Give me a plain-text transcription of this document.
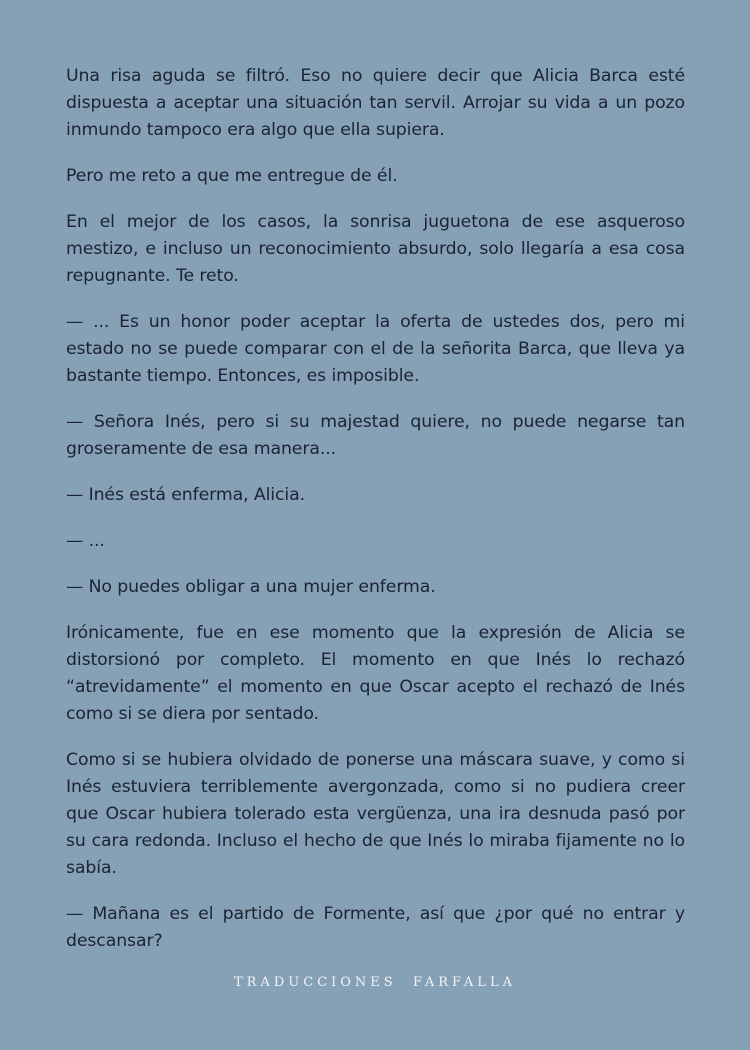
Una risa aguda se filtró. Eso no quiere decir que Alicia Barca esté dispuesta a aceptar una situación tan servil. Arrojar su vida a un pozo inmundo tampoco era algo que ella supiera.

Pero me reto a que me entregue de él.

En el mejor de los casos, la sonrisa juguetona de ese asqueroso mestizo, e incluso un reconocimiento absurdo, solo llegaría a esa cosa repugnante. Te reto.

— ... Es un honor poder aceptar la oferta de ustedes dos, pero mi estado no se puede comparar con el de la señorita Barca, que lleva ya bastante tiempo. Entonces, es imposible.

— Señora Inés, pero si su majestad quiere, no puede negarse tan groseramente de esa manera...

— Inés está enferma, Alicia.

— ...

— No puedes obligar a una mujer enferma.

Irónicamente, fue en ese momento que la expresión de Alicia se distorsionó por completo. El momento en que Inés lo rechazó “atrevidamente” el momento en que Oscar acepto el rechazó de Inés como si se diera por sentado.

Como si se hubiera olvidado de ponerse una máscara suave, y como si Inés estuviera terriblemente avergonzada, como si no pudiera creer que Oscar hubiera tolerado esta vergüenza, una ira desnuda pasó por su cara redonda. Incluso el hecho de que Inés lo miraba fijamente no lo sabía.

— Mañana es el partido de Formente, así que ¿por qué no entrar y descansar?

TRADUCCIONES  FARFALLA
